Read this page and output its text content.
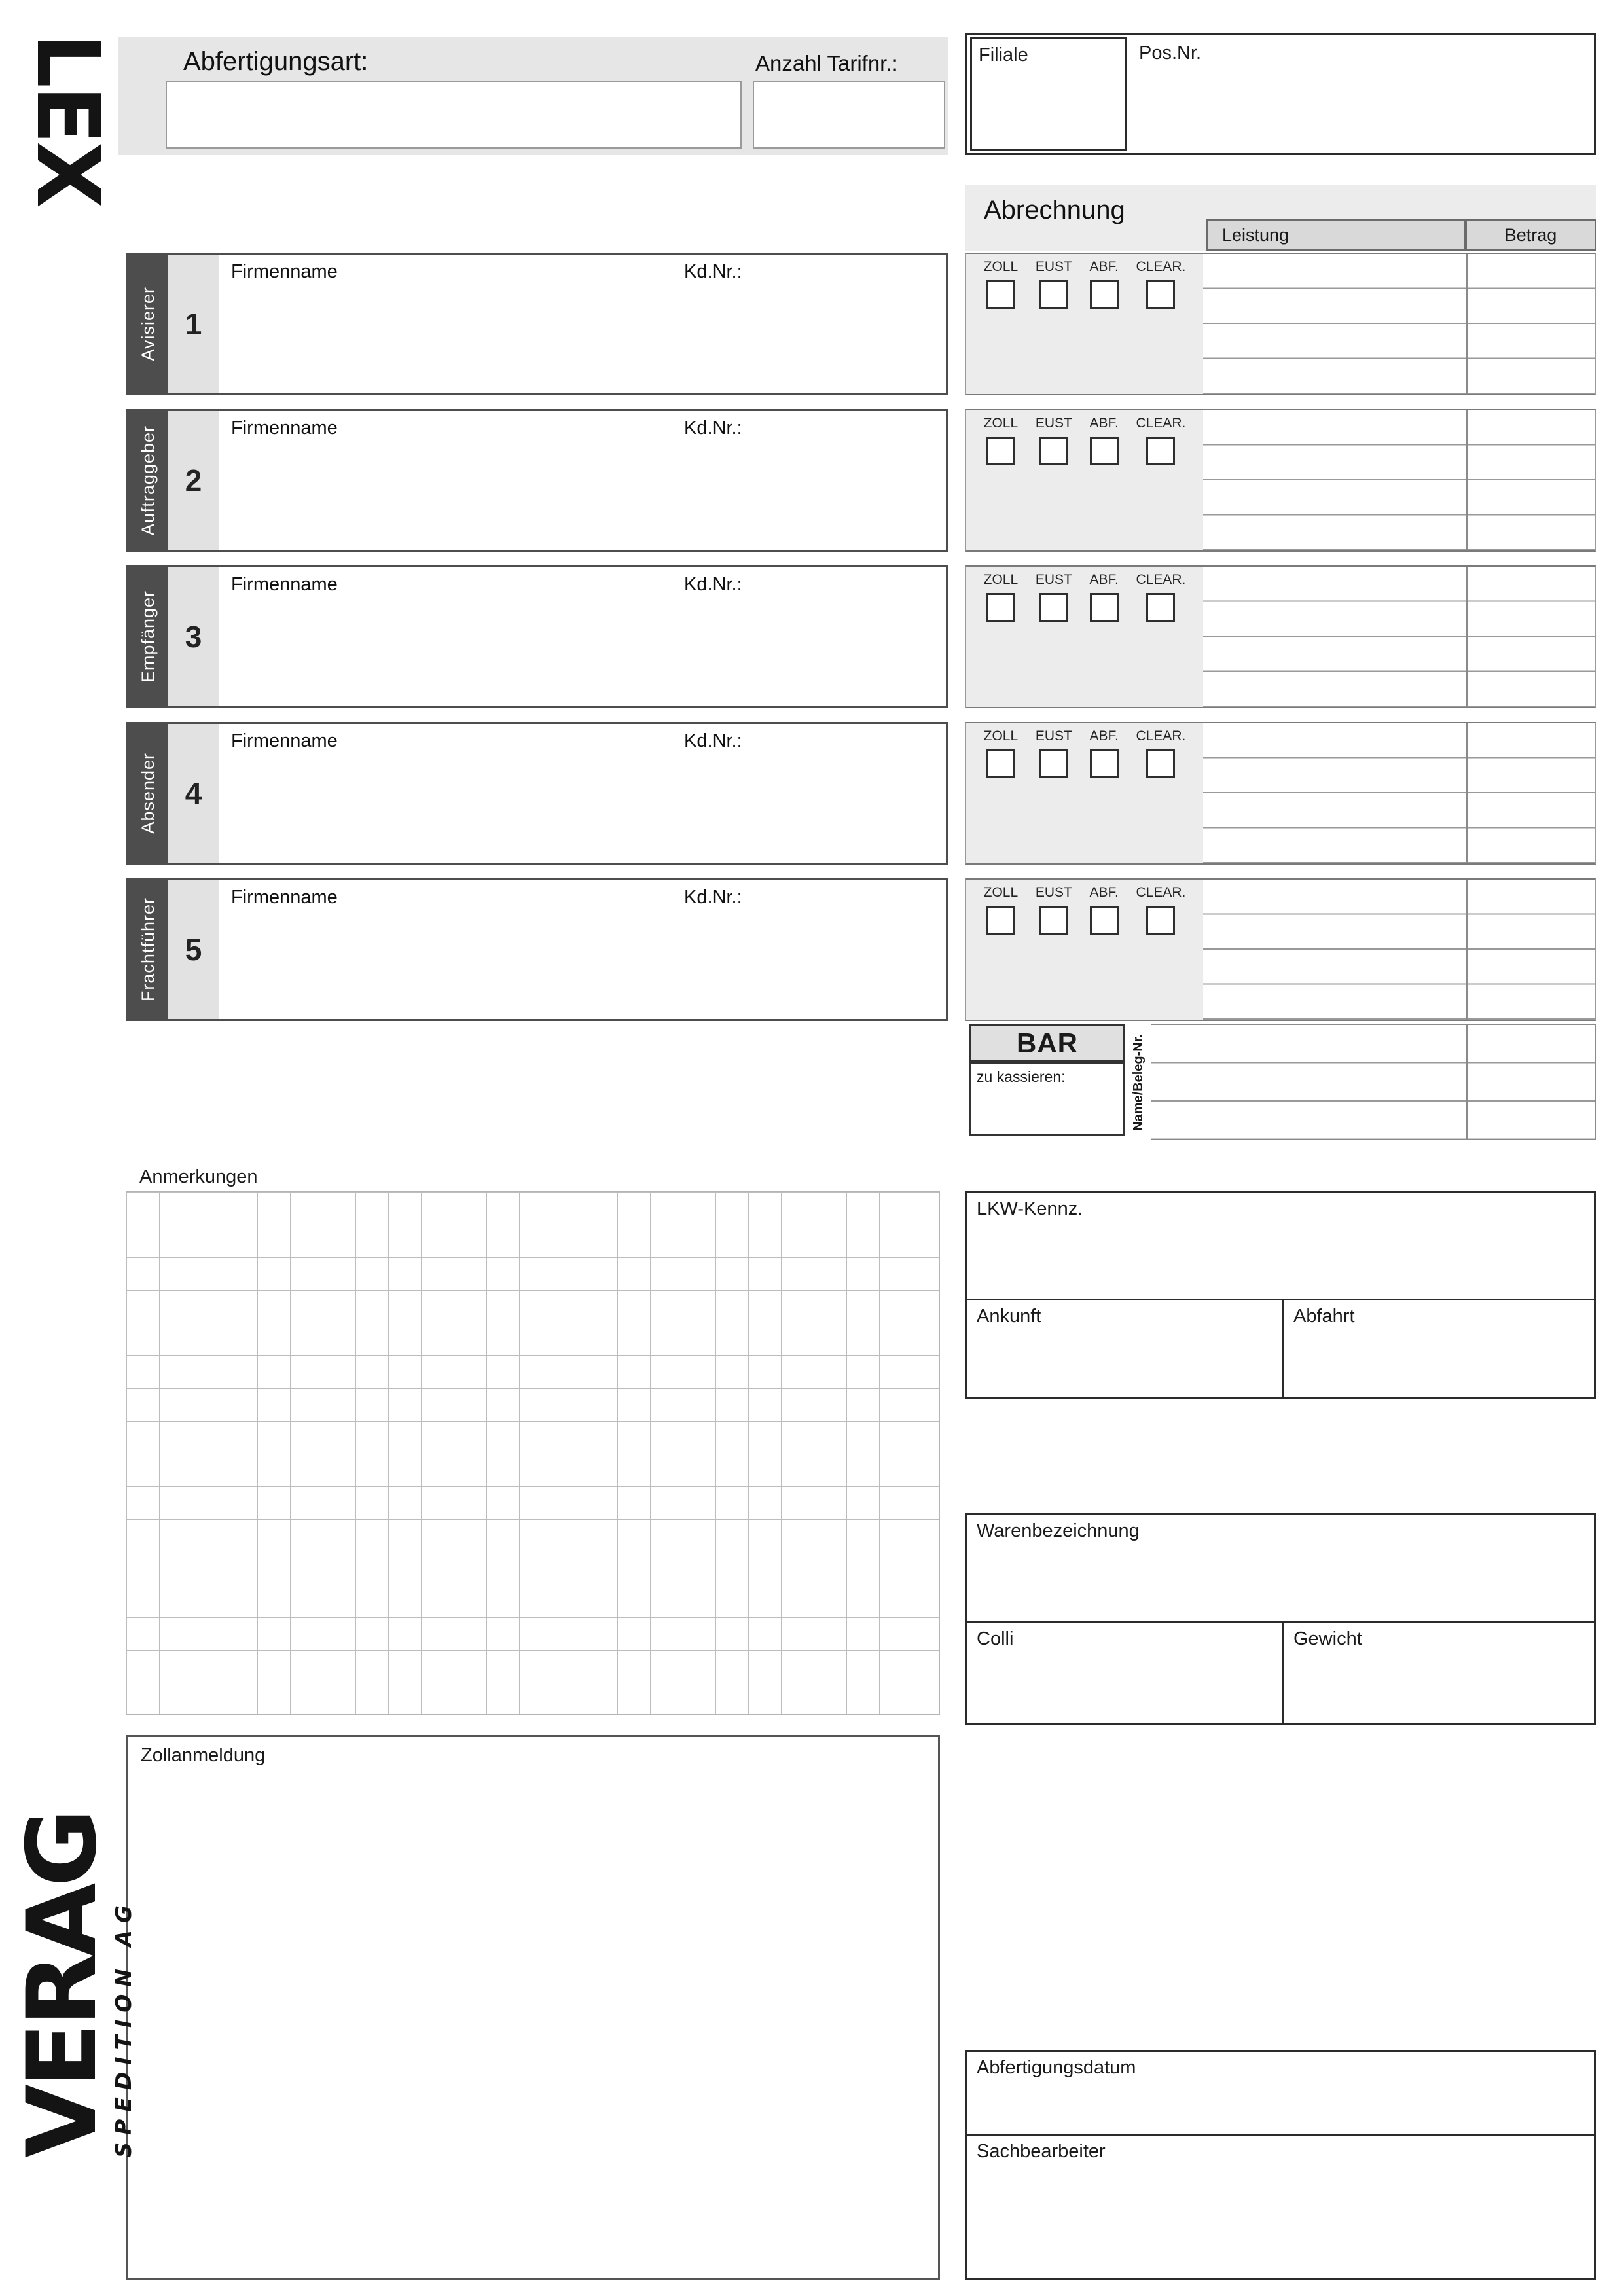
LEX	Abfertigungsart:	Anzahl Tarifnr.:	Filiale	Pos.Nr.
Abrechnung
Leistung	Betrag
Avisierer 1
Firmenname	Kd.Nr.:
Auftraggeber 2
Firmenname	Kd.Nr.:
Empfänger 3
Firmenname	Kd.Nr.:
Absender 4
Firmenname	Kd.Nr.:
Frachtführer 5
Firmenname	Kd.Nr.:
ZOLL EUST ABF. CLEAR.
ZOLL EUST ABF. CLEAR.
ZOLL EUST ABF. CLEAR.
ZOLL EUST ABF. CLEAR.
ZOLL EUST ABF. CLEAR.
BAR
zu kassieren:	Name/Beleg-Nr.
Anmerkungen
LKW-Kennz.
Ankunft	Abfahrt
Warenbezeichnung
Colli	Gewicht
Zollanmeldung
Abfertigungsdatum
Sachbearbeiter
VERAG
SPEDITION AG
